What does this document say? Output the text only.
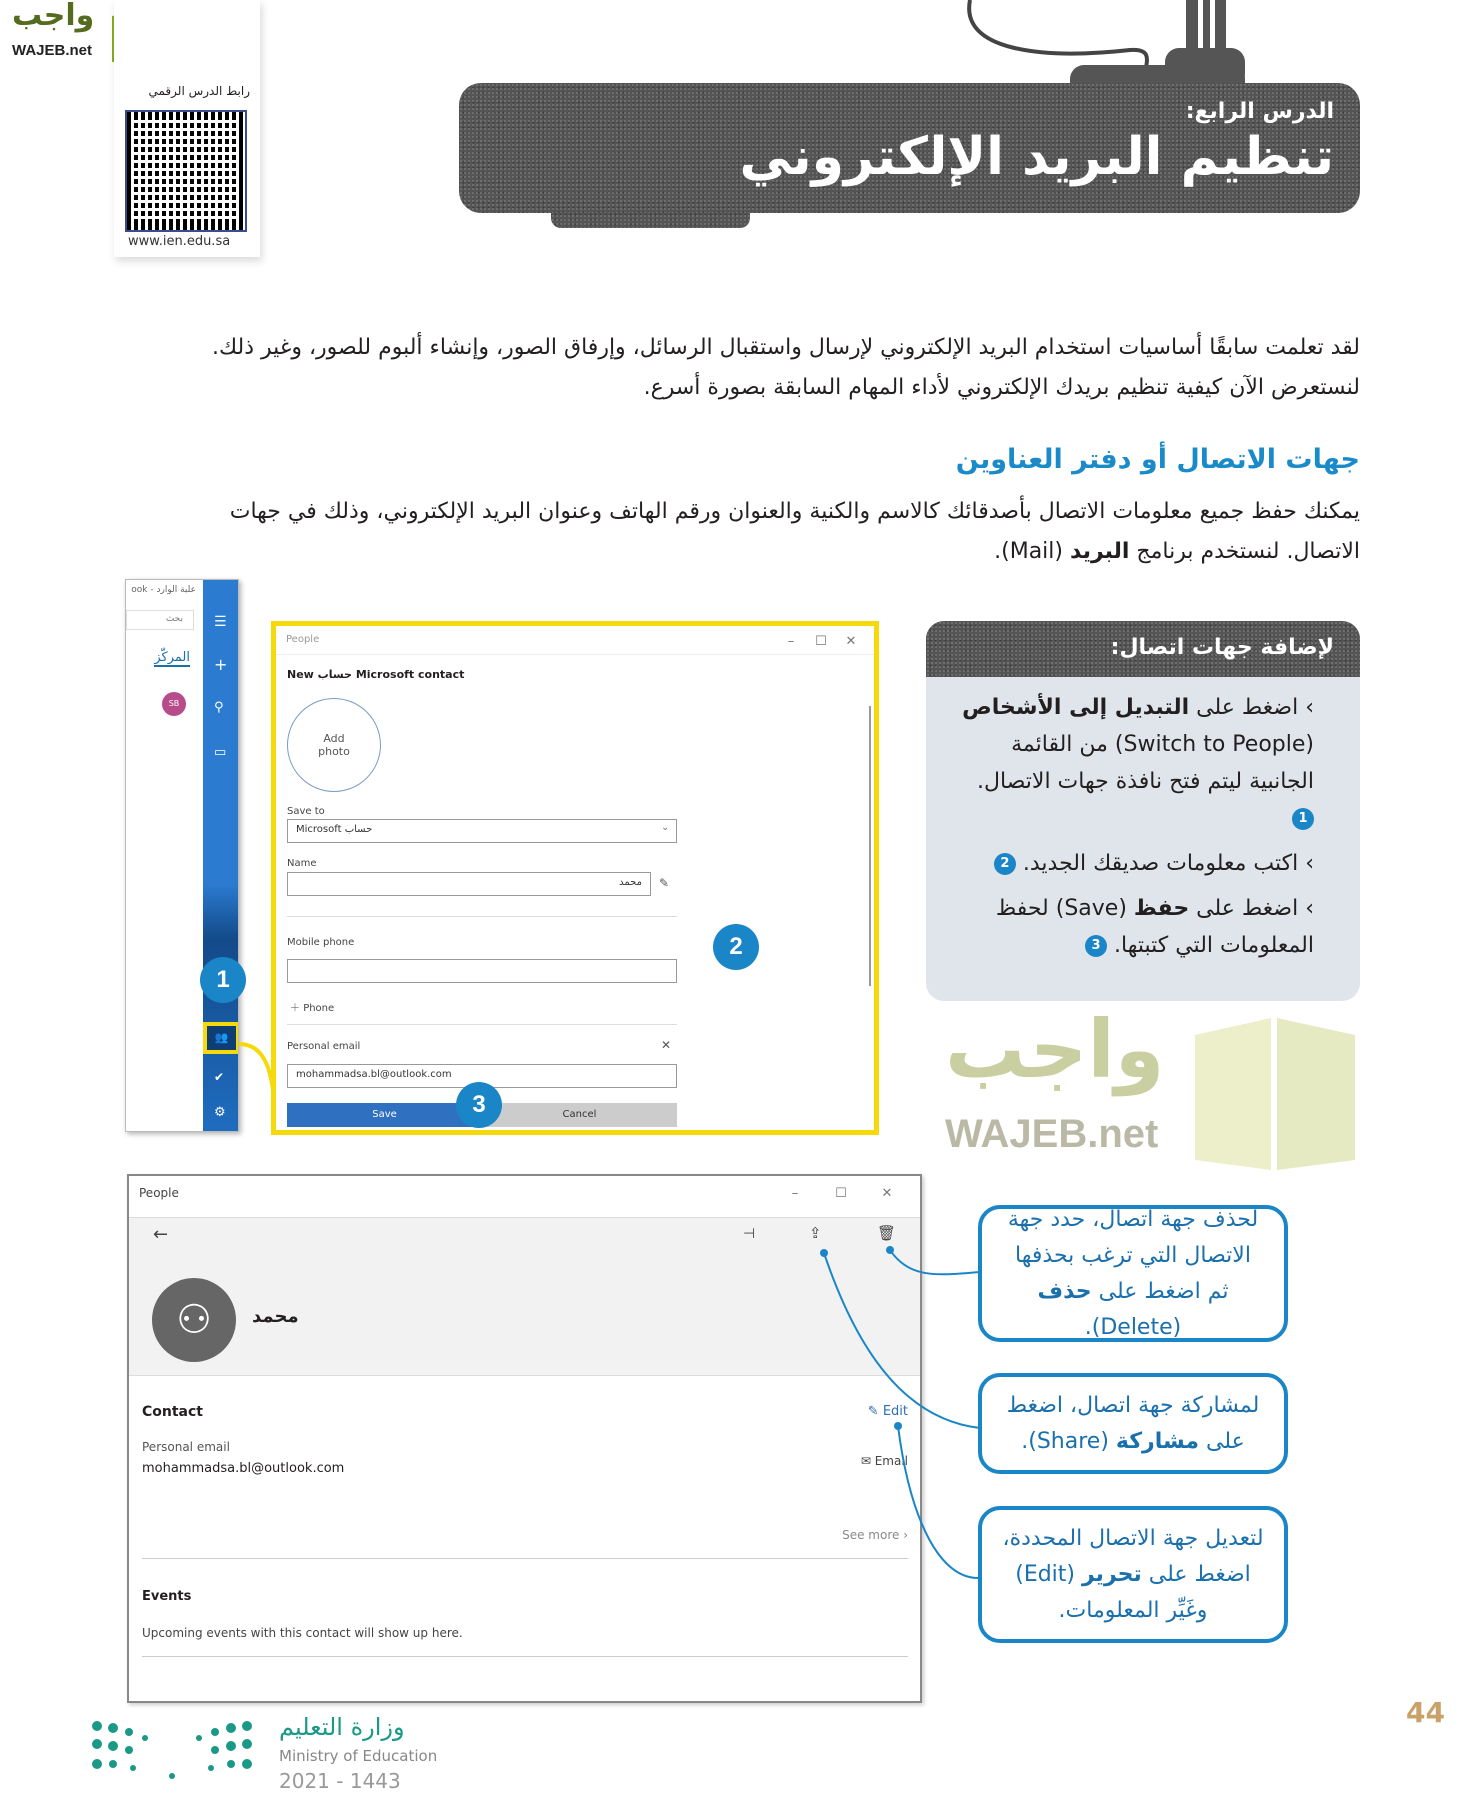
واجب
WAJEB.net
رابط الدرس الرقمي
www.ien.edu.sa
الدرس الرابع:
تنظيم البريد الإلكتروني
لقد تعلمت سابقًا أساسيات استخدام البريد الإلكتروني لإرسال واستقبال الرسائل، وإرفاق الصور، وإنشاء ألبوم للصور، وغير ذلك.
لنستعرض الآن كيفية تنظيم بريدك الإلكتروني لأداء المهام السابقة بصورة أسرع.
جهات الاتصال أو دفتر العناوين
يمكنك حفظ جميع معلومات الاتصال بأصدقائك كالاسم والكنية والعنوان ورقم الهاتف وعنوان البريد الإلكتروني، وذلك في جهات
الاتصال. لنستخدم برنامج البريد (Mail).
علبة الوارد - ook
بحث
المركّز
SB
☰
+
⚲
▭
👥
✔
⚙
1
People	– ☐ ✕
New حساب Microsoft contact
Add photo
Save to
Microsoft حساب	⌄
Name
محمد	✎
Mobile phone
＋ Phone
Personal email	✕
mohammadsa.bl@outlook.com
Save	Cancel
2
3
واجب
WAJEB.net
لإضافة جهات اتصال:
› اضغط على التبديل إلى الأشخاص (Switch to People) من القائمة الجانبية ليتم فتح نافذة جهات الاتصال. 1
› اكتب معلومات صديقك الجديد. 2
› اضغط على حفظ (Save) لحفظ المعلومات التي كتبتها. 3
People	–	☐	✕
←	⊣	⇪	🗑
⚇	محمد
Contact	✎ Edit
Personal email
mohammadsa.bl@outlook.com	✉ Email
See more ›
Events
Upcoming events with this contact will show up here.
لحذف جهة اتصال، حدد جهة الاتصال التي ترغب بحذفها ثم اضغط على حذف (Delete).
لمشاركة جهة اتصال، اضغط على مشاركة (Share).
لتعديل جهة الاتصال المحددة، اضغط على تحرير (Edit) وغَيِّر المعلومات.
وزارة التعليم
Ministry of Education
2021 - 1443
44
